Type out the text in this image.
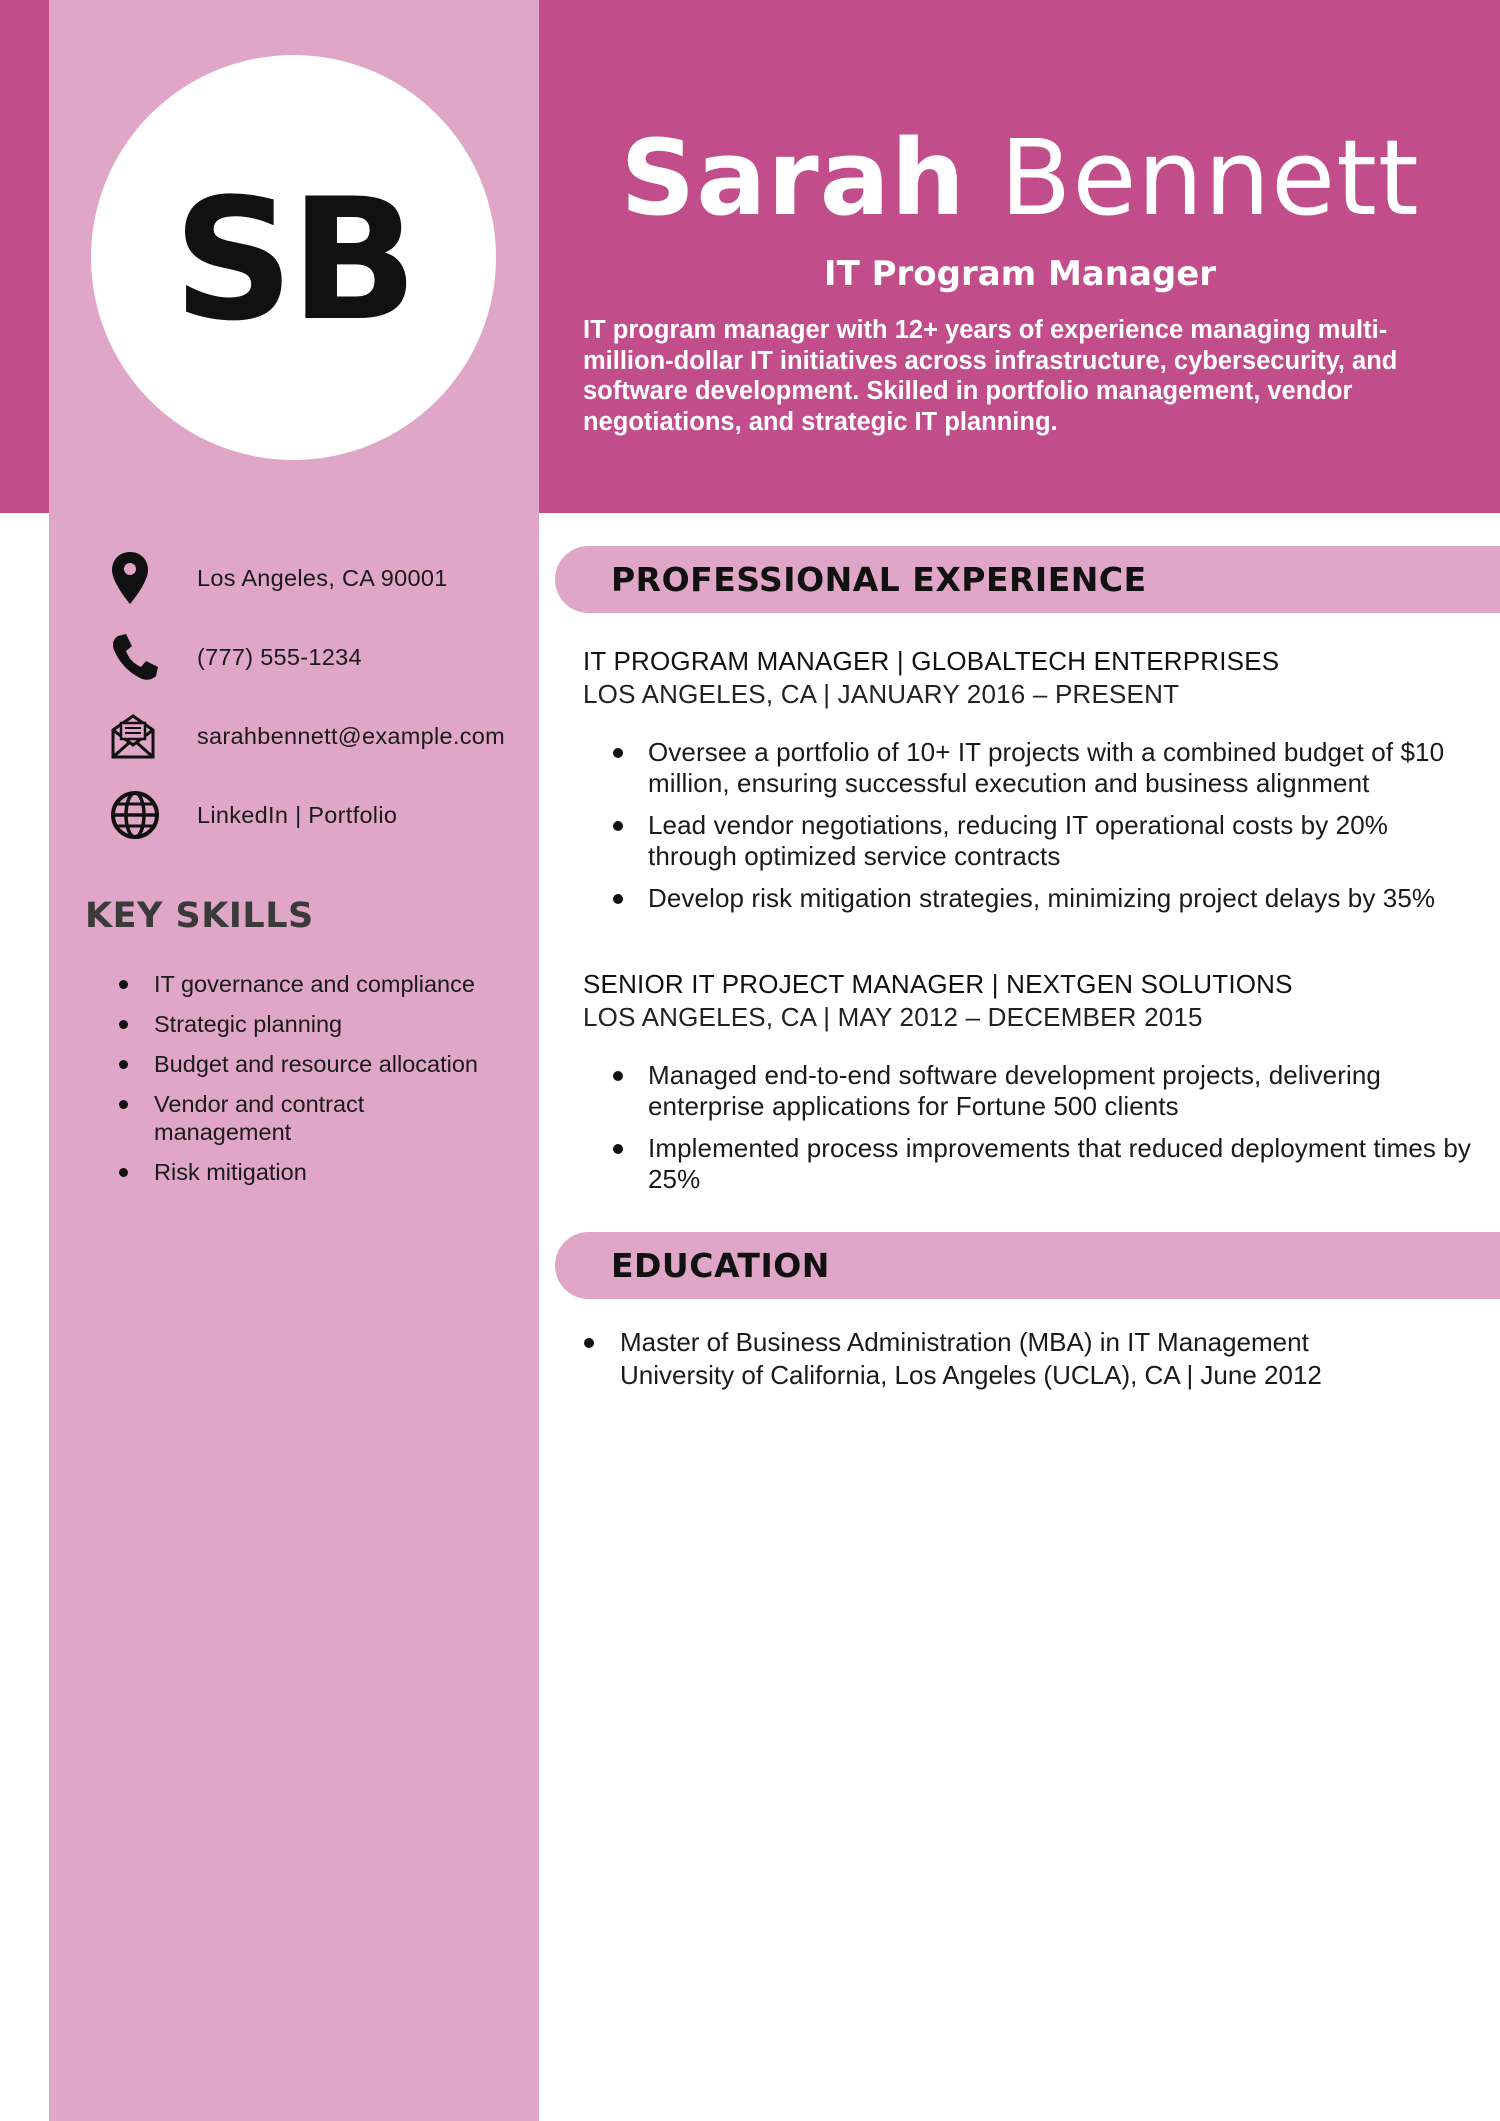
SB	Sarah Bennett
IT Program Manager
IT program manager with 12+ years of experience managing multi-million-dollar IT initiatives across infrastructure, cybersecurity, and software development. Skilled in portfolio management, vendor negotiations, and strategic IT planning.
Los Angeles, CA 90001
(777) 555-1234
sarahbennett@example.com
LinkedIn | Portfolio
KEY SKILLS
IT governance and compliance
Strategic planning
Budget and resource allocation
Vendor and contract management
Risk mitigation
PROFESSIONAL EXPERIENCE
IT PROGRAM MANAGER | GLOBALTECH ENTERPRISES
LOS ANGELES, CA | JANUARY 2016 – PRESENT
Oversee a portfolio of 10+ IT projects with a combined budget of $10 million, ensuring successful execution and business alignment
Lead vendor negotiations, reducing IT operational costs by 20% through optimized service contracts
Develop risk mitigation strategies, minimizing project delays by 35%
SENIOR IT PROJECT MANAGER | NEXTGEN SOLUTIONS
LOS ANGELES, CA | MAY 2012 – DECEMBER 2015
Managed end-to-end software development projects, delivering enterprise applications for Fortune 500 clients
Implemented process improvements that reduced deployment times by 25%
EDUCATION
Master of Business Administration (MBA) in IT Management
University of California, Los Angeles (UCLA), CA | June 2012
